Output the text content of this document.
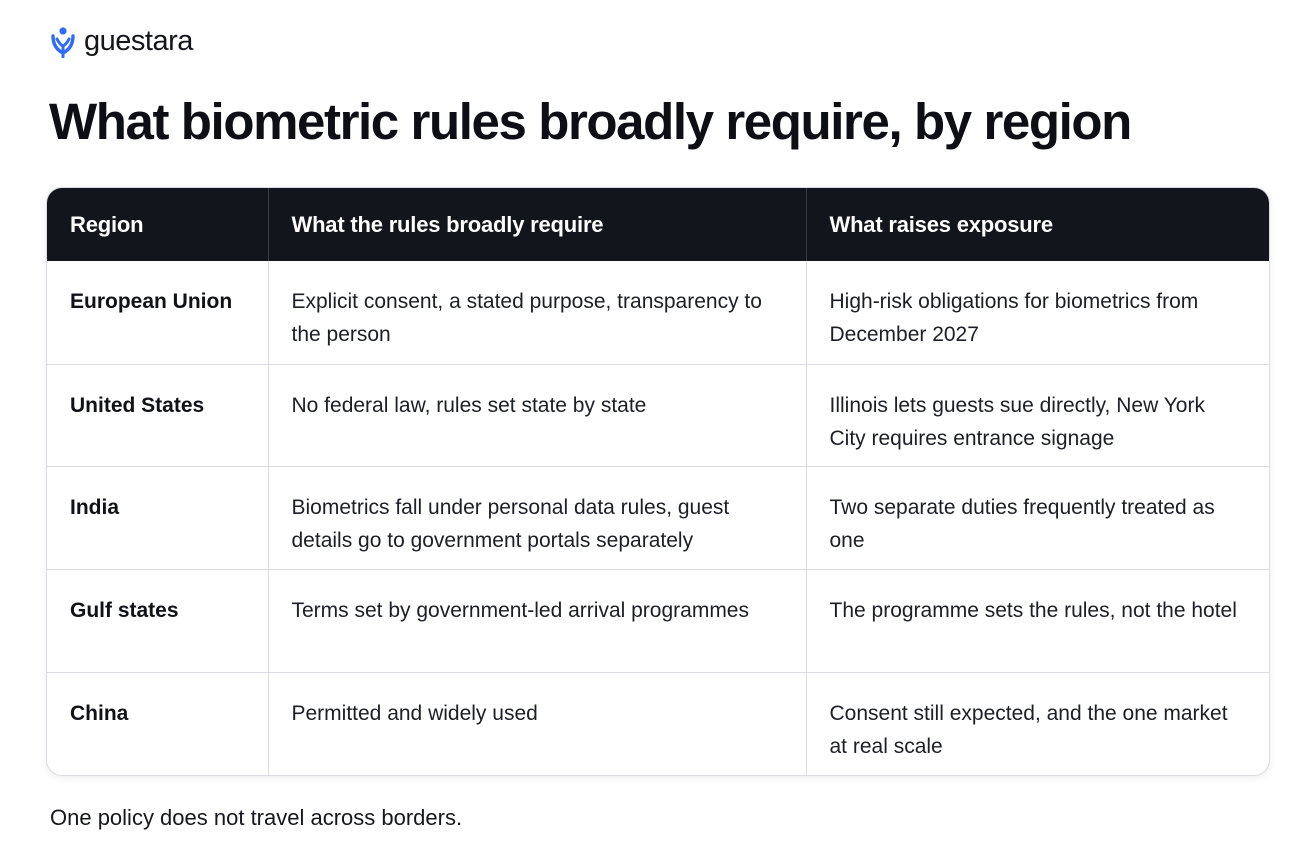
guestara
What biometric rules broadly require, by region
Region	What the rules broadly require	What raises exposure
European Union	Explicit consent, a stated purpose, transparency to the person	High-risk obligations for biometrics from December 2027
United States	No federal law, rules set state by state	Illinois lets guests sue directly, New York City requires entrance signage
India	Biometrics fall under personal data rules, guest details go to government portals separately	Two separate duties frequently treated as one
Gulf states	Terms set by government-led arrival programmes	The programme sets the rules, not the hotel
China	Permitted and widely used	Consent still expected, and the one market at real scale
One policy does not travel across borders.
